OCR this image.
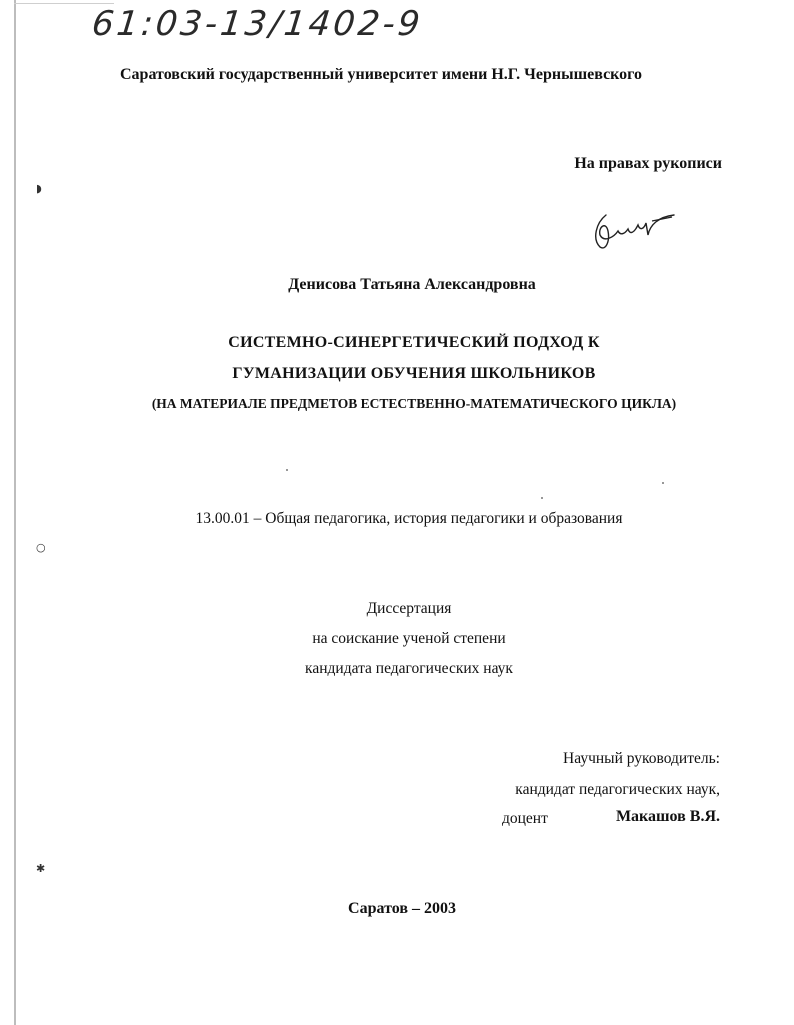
◗
○
✱
61:03-13/1402-9
Саратовский государственный университет имени Н.Г. Чернышевского
На правах рукописи
Денисова Татьяна Александровна
СИСТЕМНО-СИНЕРГЕТИЧЕСКИЙ ПОДХОД К
ГУМАНИЗАЦИИ ОБУЧЕНИЯ ШКОЛЬНИКОВ
(НА МАТЕРИАЛЕ ПРЕДМЕТОВ ЕСТЕСТВЕННО-МАТЕМАТИЧЕСКОГО ЦИКЛА)
13.00.01 – Общая педагогика, история педагогики и образования
Диссертация
на соискание ученой степени
кандидата педагогических наук
Научный руководитель:
кандидат педагогических наук,
доцент	Макашов В.Я.
Саратов – 2003
